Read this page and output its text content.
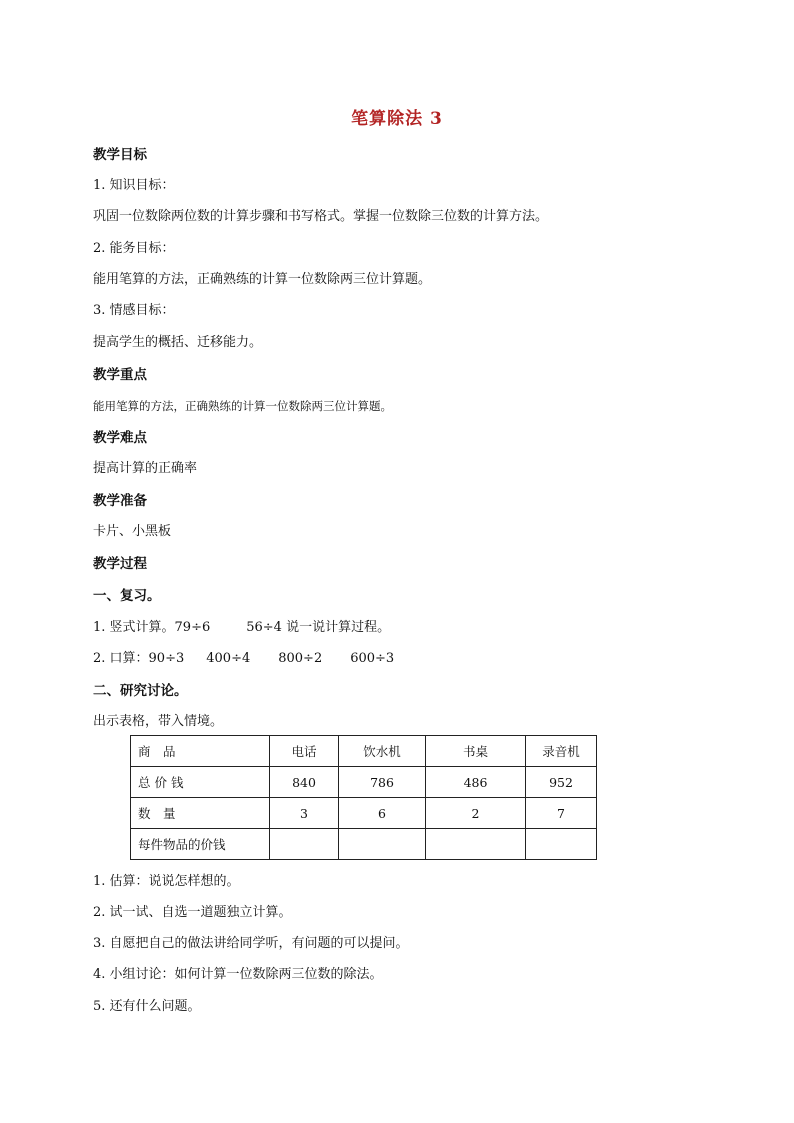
笔算除法 3
教学目标
1. 知识目标：
巩固一位数除两位数的计算步骤和书写格式。掌握一位数除三位数的计算方法。
2. 能务目标：
能用笔算的方法，正确熟练的计算一位数除两三位计算题。
3. 情感目标：
提高学生的概括、迁移能力。
教学重点
能用笔算的方法，正确熟练的计算一位数除两三位计算题。
教学难点
提高计算的正确率
教学准备
卡片、小黑板
教学过程
一、复习。
1. 竖式计算。79÷6	56÷4 说一说计算过程。
2. 口算：90÷3 400÷4 800÷2 600÷3
二、研究讨论。
出示表格，带入情境。
商　品	电话	饮水机	书桌	录音机
总 价 钱	840	786	486	952
数　量	3	6	2	7
每件物品的价钱				
1. 估算：说说怎样想的。
2. 试一试、自选一道题独立计算。
3. 自愿把自己的做法讲给同学听，有问题的可以提问。
4. 小组讨论：如何计算一位数除两三位数的除法。
5. 还有什么问题。
